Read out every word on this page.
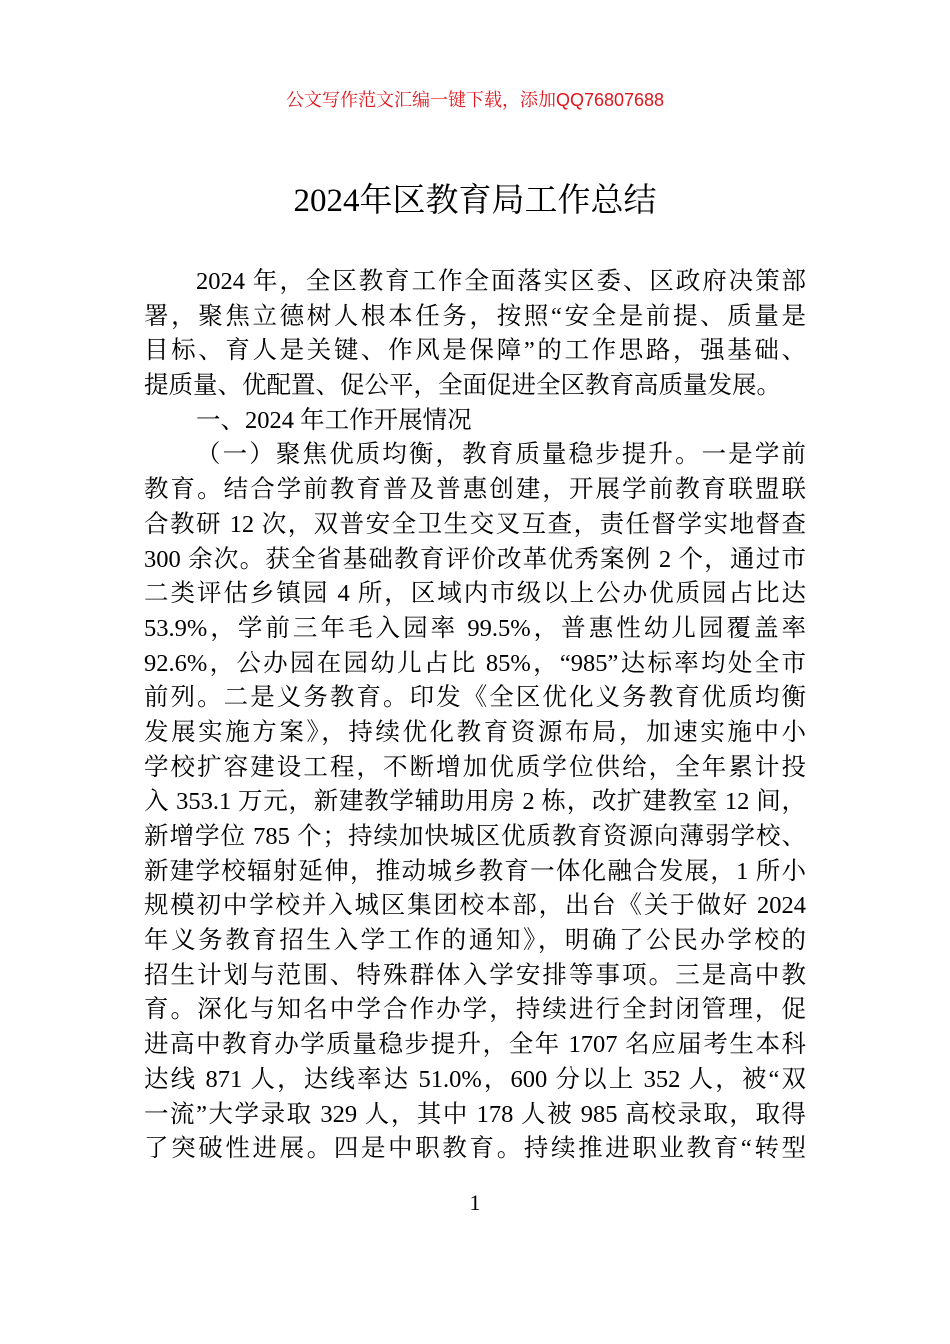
公文写作范文汇编一键下载，添加QQ76807688
2024年区教育局工作总结
2024 年，全区教育工作全面落实区委、区政府决策部
署，聚焦立德树人根本任务，按照“安全是前提、质量是
目标、育人是关键、作风是保障”的工作思路，强基础、
提质量、优配置、促公平，全面促进全区教育高质量发展。
一、2024 年工作开展情况
（一）聚焦优质均衡，教育质量稳步提升。一是学前
教育。结合学前教育普及普惠创建，开展学前教育联盟联
合教研 12 次，双普安全卫生交叉互查，责任督学实地督查
300 余次。获全省基础教育评价改革优秀案例 2 个，通过市
二类评估乡镇园 4 所，区域内市级以上公办优质园占比达
53.9%，学前三年毛入园率 99.5%，普惠性幼儿园覆盖率
92.6%，公办园在园幼儿占比 85%，“985”达标率均处全市
前列。二是义务教育。印发《全区优化义务教育优质均衡
发展实施方案》，持续优化教育资源布局，加速实施中小
学校扩容建设工程，不断增加优质学位供给，全年累计投
入 353.1 万元，新建教学辅助用房 2 栋，改扩建教室 12 间，
新增学位 785 个；持续加快城区优质教育资源向薄弱学校、
新建学校辐射延伸，推动城乡教育一体化融合发展，1 所小
规模初中学校并入城区集团校本部，出台《关于做好 2024
年义务教育招生入学工作的通知》，明确了公民办学校的
招生计划与范围、特殊群体入学安排等事项。三是高中教
育。深化与知名中学合作办学，持续进行全封闭管理，促
进高中教育办学质量稳步提升，全年 1707 名应届考生本科
达线 871 人，达线率达 51.0%，600 分以上 352 人，被“双
一流”大学录取 329 人，其中 178 人被 985 高校录取，取得
了突破性进展。四是中职教育。持续推进职业教育“转型
1
